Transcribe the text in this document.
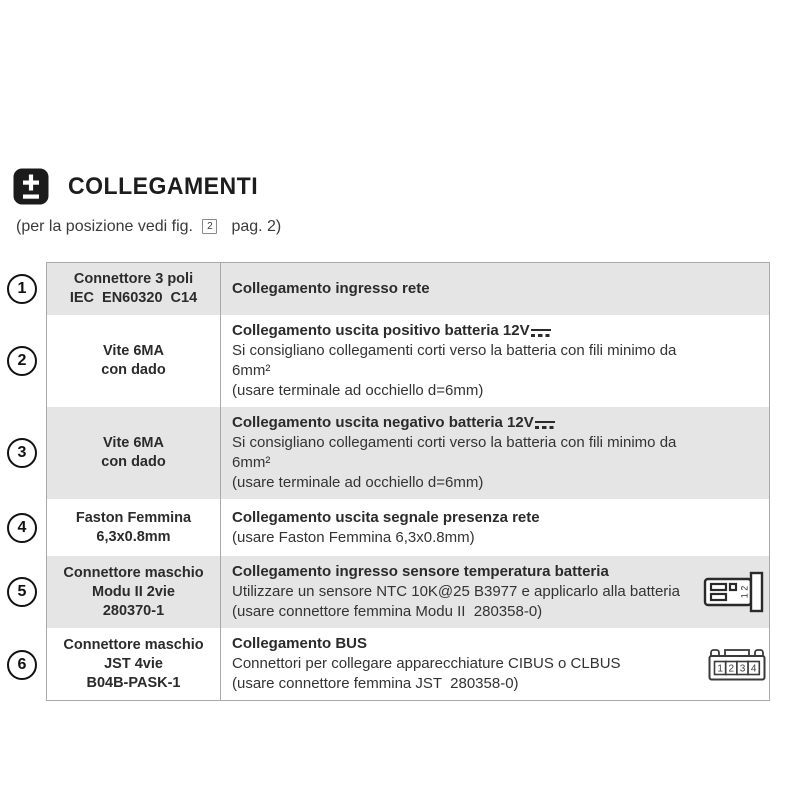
COLLEGAMENTI
(per la posizione vedi fig. 2 pag. 2)
1
Connettore 3 poli
IEC  EN60320  C14
Collegamento ingresso rete
2
Vite 6MA
con dado
Collegamento uscita positivo batteria 12V
Si consigliano collegamenti corti verso la batteria con fili minimo da 6mm²
(usare terminale ad occhiello d=6mm)
3
Vite 6MA
con dado
Collegamento uscita negativo batteria 12V
Si consigliano collegamenti corti verso la batteria con fili minimo da 6mm²
(usare terminale ad occhiello d=6mm)
4
Faston Femmina
6,3x0.8mm
Collegamento uscita segnale presenza rete
(usare Faston Femmina 6,3x0.8mm)
5
Connettore maschio
Modu II 2vie
280370-1
Collegamento ingresso sensore temperatura batteria
Utilizzare un sensore NTC 10K@25 B3977 e applicarlo alla batteria
(usare connettore femmina Modu II  280358-0)
1 2
6
Connettore maschio
JST 4vie
B04B-PASK-1
Collegamento BUS
Connettori per collegare apparecchiature CIBUS o CLBUS
(usare connettore femmina JST  280358-0)
1 2 3 4
